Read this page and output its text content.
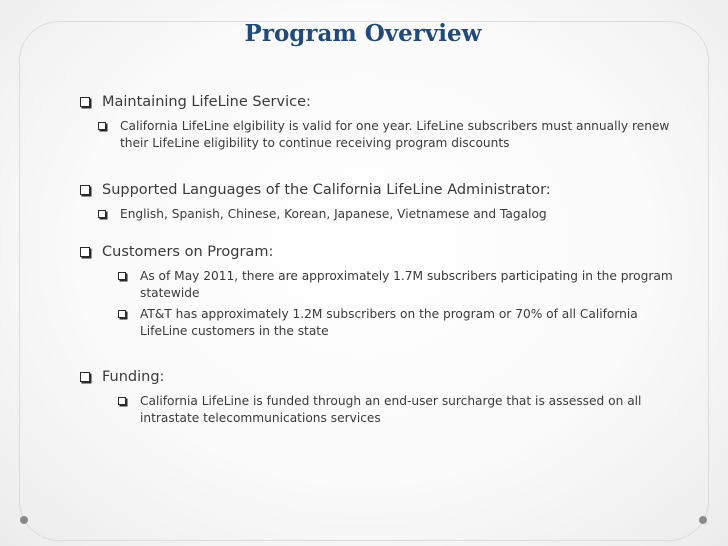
Program Overview
Maintaining LifeLine Service:
California LifeLine elgibility is valid for one year. LifeLine subscribers must annually renew their LifeLine eligibility to continue receiving program discounts
Supported Languages of the California LifeLine Administrator:
English, Spanish, Chinese, Korean, Japanese, Vietnamese and Tagalog
Customers on Program:
As of May 2011, there are approximately 1.7M subscribers participating in the program statewide
AT&T has approximately 1.2M subscribers on the program or 70% of all California LifeLine customers in the state
Funding:
California LifeLine is funded through an end-user surcharge that is assessed on all intrastate telecommunications services
